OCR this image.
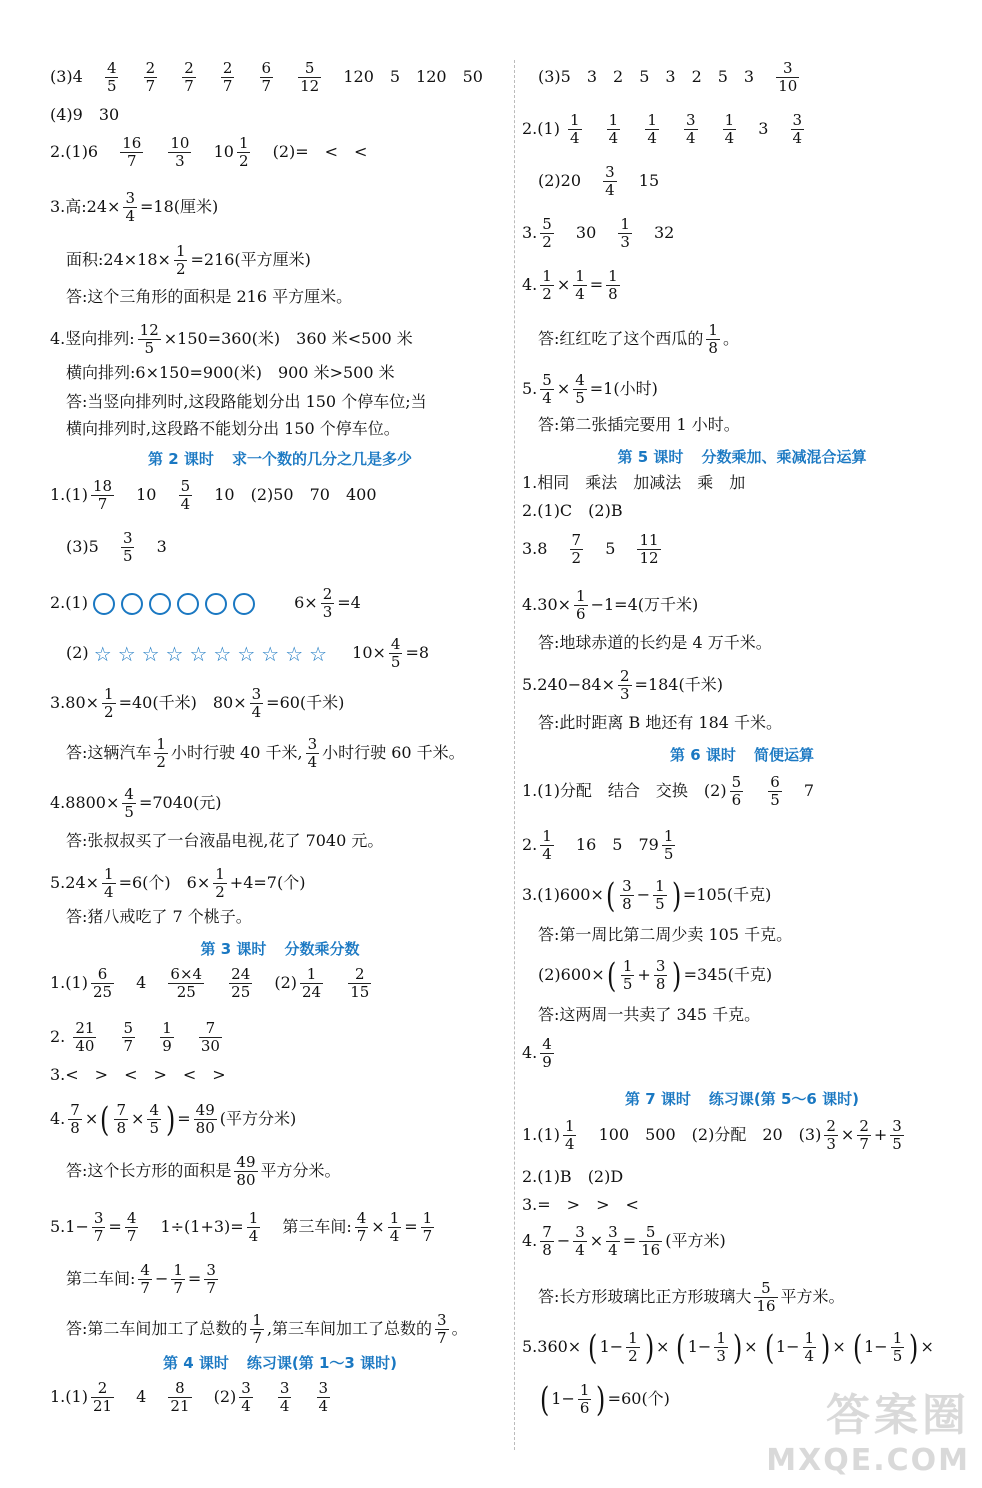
$(3)4 \frac{4}{5}$
$\frac{2}{7}$
$\frac{2}{7}$
$\frac{2}{7}$
$\frac{6}{7}$
$\frac{5}{12} 120$　5　120　50
(4)9　30
$2.(1)6 \frac{16}{7}$
$\frac{10}{3} 10 \frac{1}{2} (2)=$　<　<
3.高:24× $\frac{3}{4} =18$(厘米)
面积:24×18× $\frac{1}{2} =216$(平方厘米)
答:这个三角形的面积是 216 平方厘米。
4.竖向排列: $\frac{12}{5} \times 150=360$(米)　360 米<500 米
横向排列:6×150=900(米)　900 米>500 米
答:当竖向排列时,这段路能划分出 150 个停车位;当
横向排列时,这段路不能划分出 150 个停车位。
第 2 课时 求一个数的几分之几是多少
$1.(1) \frac{18}{7} 10 \frac{5}{4} 10$　(2)50　70　400
$(3)5 \frac{3}{5} 3$
2.(1)	$6\times \frac{2}{3} =4$
(2) ☆☆☆☆☆☆☆☆☆☆ $10\times \frac{4}{5} =8$
$3.80\times \frac{1}{2} =40$(千米)　$80\times \frac{3}{4} =60$(千米)
答:这辆汽车 $\frac{1}{2}$ 小时行驶 40 千米, $\frac{3}{4}$ 小时行驶 60 千米。
$4.8800\times \frac{4}{5} =7040$(元)
答:张叔叔买了一台液晶电视,花了 7040 元。
$5.24\times \frac{1}{4} =6$(个)　$6\times \frac{1}{2} +4=7$(个)
答:猪八戒吃了 7 个桃子。
第 3 课时 分数乘分数
$1.(1) \frac{6}{25} 4 \frac{6\times 4}{25}$
$\frac{24}{25} (2) \frac{1}{24}$
$\frac{2}{15}$
2. $\frac{21}{40}$
$\frac{5}{7}$
$\frac{1}{9}$
$\frac{7}{30}$
3.<　>　<　>　<　>
4. $\frac{7}{8}$ ×( $\frac{7}{8} \times \frac{4}{5}$ ) = $\frac{49}{80}$ (平方分米)
答:这个长方形的面积是 $\frac{49}{80}$ 平方分米。
$5.1- \frac{3}{7} = \frac{4}{7} 1\div(1+3)= \frac{1}{4}$ 第三车间: $\frac{4}{7} \times \frac{1}{4} = \frac{1}{7}$
第二车间: $\frac{4}{7} - \frac{1}{7} = \frac{3}{7}$
答:第二车间加工了总数的 $\frac{1}{7}$ ,第三车间加工了总数的 $\frac{3}{7}$ 。
第 4 课时 练习课(第 1～3 课时)
$1.(1) \frac{2}{21} 4 \frac{8}{21} (2) \frac{3}{4}$
$\frac{3}{4}$
$\frac{3}{4}$
(3)5　3　2　5　3　2　5　$3 \frac{3}{10}$
$2.(1) \frac{1}{4}$
$\frac{1}{4}$
$\frac{1}{4}$
$\frac{3}{4}$
$\frac{1}{4} 3 \frac{3}{4}$
$(2)20 \frac{3}{4} 15$
3. $\frac{5}{2} 30 \frac{1}{3} 32$
4. $\frac{1}{2} \times \frac{1}{4} = \frac{1}{8}$
答:红红吃了这个西瓜的 $\frac{1}{8}$ 。
5. $\frac{5}{4} \times \frac{4}{5} =1$(小时)
答:第二张插完要用 1 小时。
第 5 课时 分数乘加、乘减混合运算
1.相同　乘法　加减法　乘　加
2.(1)C　(2)B
$3.8 \frac{7}{2} 5 \frac{11}{12}$
$4.30\times \frac{1}{6} -1=4$(万千米)
答:地球赤道的长约是 4 万千米。
$5.240-84\times \frac{2}{3} =184$(千米)
答:此时距离 B 地还有 184 千米。
第 6 课时 简便运算
1.(1)分配　结合　交换　$(2) \frac{5}{6}$
$\frac{6}{5} 7$
2. $\frac{1}{4} 16$　5　$79 \frac{1}{5}$
$3.(1)600\times( \frac{3}{8} - \frac{1}{5}$ ) =105(千克)
答:第一周比第二周少卖 105 千克。
$(2)600\times( \frac{1}{5} + \frac{3}{8}$ ) =345(千克)
答:这两周一共卖了 345 千克。
4. $\frac{4}{9}$
第 7 课时 练习课(第 5～6 课时)
$1.(1) \frac{1}{4} 100$　500　(2)分配　20　$(3) \frac{2}{3} \times \frac{2}{7} + \frac{3}{5}$
2.(1)B　(2)D
3.=　>　>　<
4. $\frac{7}{8} - \frac{3}{4} \times \frac{3}{4} = \frac{5}{16}$ (平方米)
答:长方形玻璃比正方形玻璃大 $\frac{5}{16}$ 平方米。
5.360× ( $1- \frac{1}{2}$ ) × ( $1- \frac{1}{3}$ ) × ( $1- \frac{1}{4}$ ) × ( $1- \frac{1}{5}$ ) ×
( $1- \frac{1}{6}$ ) =60(个)	答案圈
MXQE.COM
